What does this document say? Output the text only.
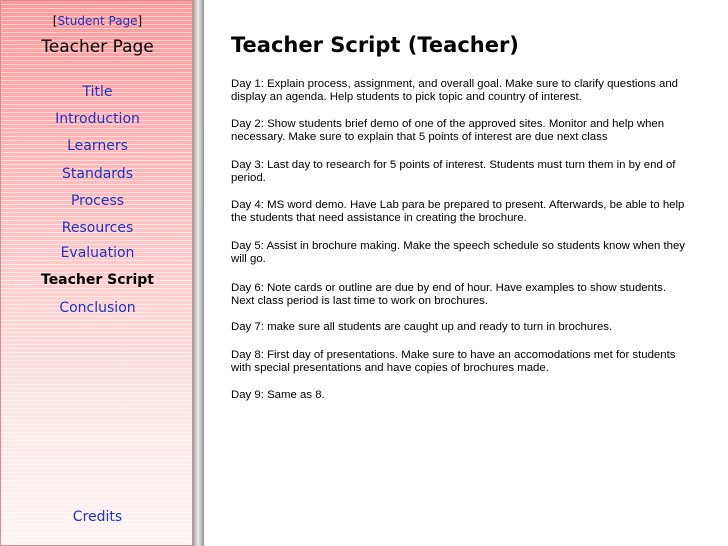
[Student Page]
Teacher Page
Title
Introduction
Learners
Standards
Process
Resources
Evaluation
Teacher Script
Conclusion
Credits
Teacher Script (Teacher)
Day 1: Explain process, assignment, and overall goal. Make sure to clarify questions and display an agenda. Help students to pick topic and country of interest.
Day 2: Show students brief demo of one of the approved sites. Monitor and help when necessary. Make sure to explain that 5 points of interest are due next class
Day 3: Last day to research for 5 points of interest. Students must turn them in by end of period.
Day 4: MS word demo. Have Lab para be prepared to present. Afterwards, be able to help the students that need assistance in creating the brochure.
Day 5: Assist in brochure making. Make the speech schedule so students know when they will go.
Day 6: Note cards or outline are due by end of hour. Have examples to show students. Next class period is last time to work on brochures.
Day 7: make sure all students are caught up and ready to turn in brochures.
Day 8: First day of presentations. Make sure to have an accomodations met for students with special presentations and have copies of brochures made.
Day 9: Same as 8.
